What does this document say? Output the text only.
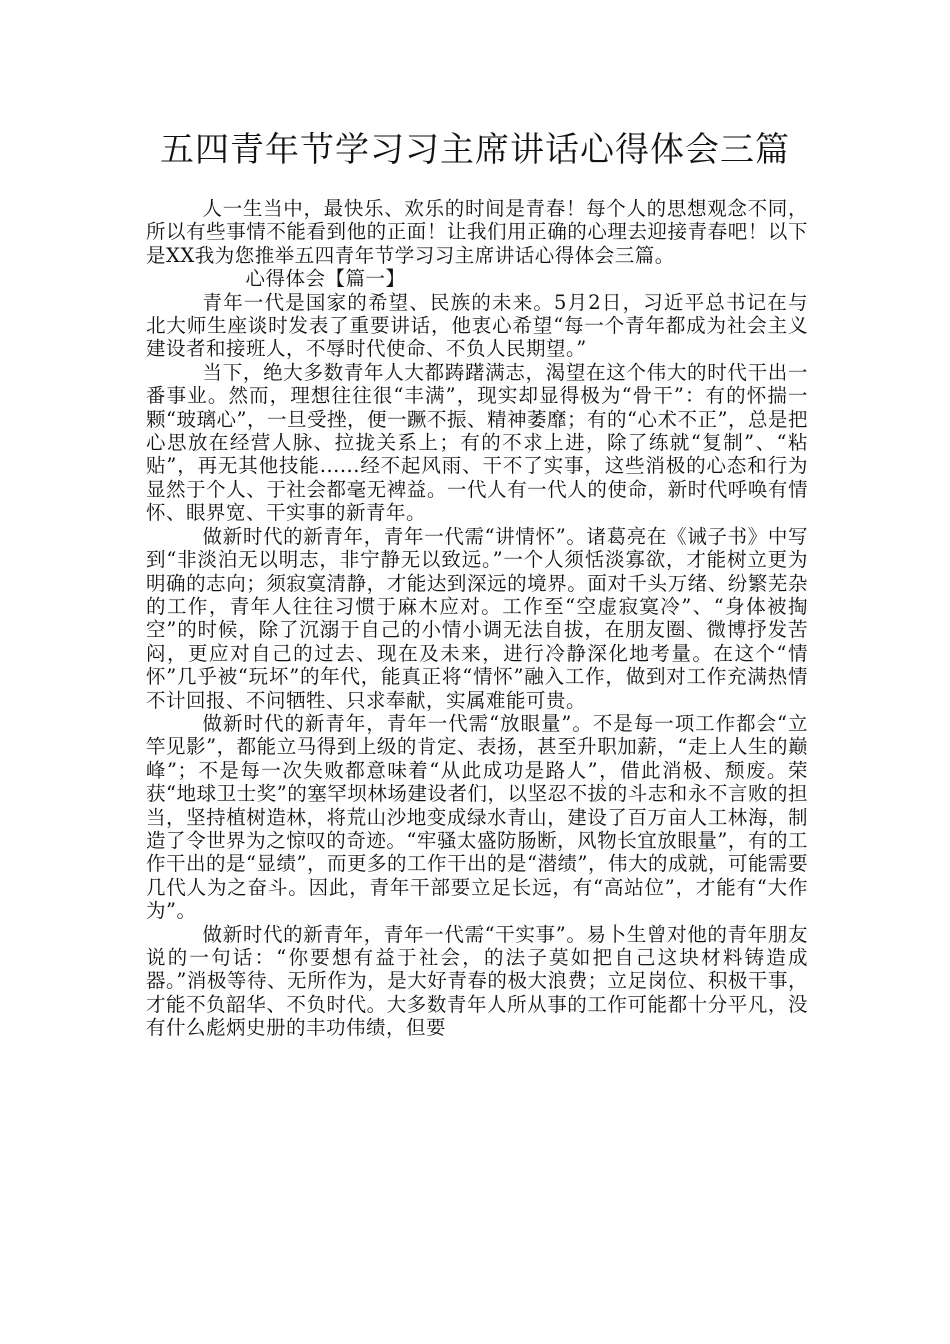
五四青年节学习习主席讲话心得体会三篇

人一生当中，最快乐、欢乐的时间是青春！每个人的思想观念不同，所以有些事情不能看到他的正面！让我们用正确的心理去迎接青春吧！以下是XX我为您推举五四青年节学习习主席讲话心得体会三篇。

心得体会【篇一】

青年一代是国家的希望、民族的未来。5月2日，习近平总书记在与北大师生座谈时发表了重要讲话，他衷心希望“每一个青年都成为社会主义建设者和接班人，不辱时代使命、不负人民期望。”

当下，绝大多数青年人大都踌躇满志，渴望在这个伟大的时代干出一番事业。然而，理想往往很“丰满”，现实却显得极为“骨干”：有的怀揣一颗“玻璃心”，一旦受挫，便一蹶不振、精神萎靡；有的“心术不正”，总是把心思放在经营人脉、拉拢关系上；有的不求上进，除了练就“复制”、“粘贴”，再无其他技能......经不起风雨、干不了实事，这些消极的心态和行为显然于个人、于社会都毫无裨益。一代人有一代人的使命，新时代呼唤有情怀、眼界宽、干实事的新青年。

做新时代的新青年，青年一代需“讲情怀”。诸葛亮在《诫子书》中写到“非淡泊无以明志，非宁静无以致远。”一个人须恬淡寡欲，才能树立更为明确的志向；须寂寞清静，才能达到深远的境界。面对千头万绪、纷繁芜杂的工作，青年人往往习惯于麻木应对。工作至“空虚寂寞冷”、“身体被掏空”的时候，除了沉溺于自己的小情小调无法自拔，在朋友圈、微博抒发苦闷，更应对自己的过去、现在及未来，进行冷静深化地考量。在这个“情怀”几乎被“玩坏”的年代，能真正将“情怀”融入工作，做到对工作充满热情不计回报、不问牺牲、只求奉献，实属难能可贵。

做新时代的新青年，青年一代需“放眼量”。不是每一项工作都会“立竿见影”，都能立马得到上级的肯定、表扬，甚至升职加薪，“走上人生的巅峰”；不是每一次失败都意味着“从此成功是路人”，借此消极、颓废。荣获“地球卫士奖”的塞罕坝林场建设者们，以坚忍不拔的斗志和永不言败的担当，坚持植树造林，将荒山沙地变成绿水青山，建设了百万亩人工林海，制造了令世界为之惊叹的奇迹。“牢骚太盛防肠断，风物长宜放眼量”，有的工作干出的是“显绩”，而更多的工作干出的是“潜绩”，伟大的成就，可能需要几代人为之奋斗。因此，青年干部要立足长远，有“高站位”，才能有“大作为”。

做新时代的新青年，青年一代需“干实事”。易卜生曾对他的青年朋友说的一句话：“你要想有益于社会，的法子莫如把自己这块材料铸造成器。”消极等待、无所作为，是大好青春的极大浪费；立足岗位、积极干事，才能不负韶华、不负时代。大多数青年人所从事的工作可能都十分平凡，没有什么彪炳史册的丰功伟绩，但要
